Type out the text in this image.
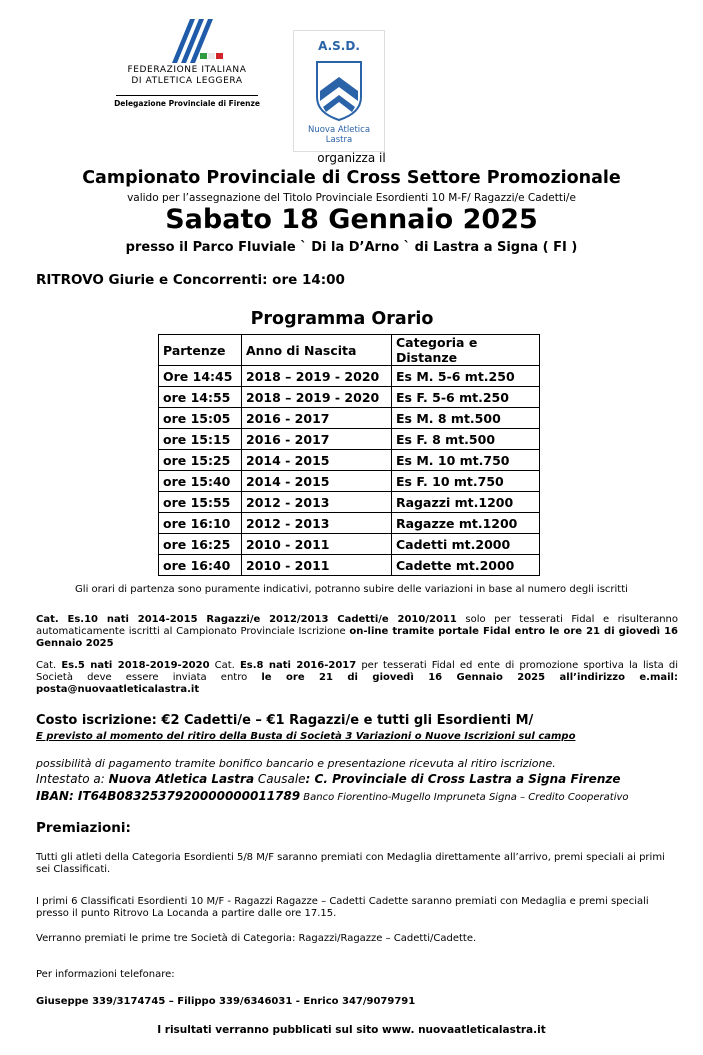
FEDERAZIONE ITALIANA
DI ATLETICA LEGGERA
Delegazione Provinciale di Firenze
A.S.D.
Nuova Atletica
Lastra
organizza il
Campionato Provinciale di Cross Settore Promozionale
valido per l’assegnazione del Titolo Provinciale Esordienti 10 M-F/ Ragazzi/e Cadetti/e
Sabato 18 Gennaio 2025
presso il Parco Fluviale ` Di la D’Arno ` di Lastra a Signa ( FI )
RITROVO Giurie e Concorrenti: ore 14:00
Programma Orario
Partenze	Anno di Nascita	Categoria e Distanze
Ore 14:45	2018 – 2019 - 2020	Es M. 5-6 mt.250
ore 14:55	2018 – 2019 - 2020	Es F. 5-6 mt.250
ore 15:05	2016 - 2017	Es M. 8 mt.500
ore 15:15	2016 - 2017	Es F. 8 mt.500
ore 15:25	2014 - 2015	Es M. 10 mt.750
ore 15:40	2014 - 2015	Es F. 10 mt.750
ore 15:55	2012 - 2013	Ragazzi mt.1200
ore 16:10	2012 - 2013	Ragazze mt.1200
ore 16:25	2010 - 2011	Cadetti mt.2000
ore 16:40	2010 - 2011	Cadette mt.2000
Gli orari di partenza sono puramente indicativi, potranno subire delle variazioni in base al numero degli iscritti
Cat. Es.10 nati 2014-2015 Ragazzi/e 2012/2013 Cadetti/e 2010/2011 solo per tesserati Fidal e risulteranno automaticamente iscritti al Campionato Provinciale Iscrizione on-line tramite portale Fidal entro le ore 21 di giovedì 16 Gennaio 2025
Cat. Es.5 nati 2018-2019-2020 Cat. Es.8 nati 2016-2017 per tesserati Fidal ed ente di promozione sportiva la lista di Società deve essere inviata entro le ore 21 di giovedì 16 Gennaio 2025 all’indirizzo e.mail: posta@nuovaatleticalastra.it
Costo iscrizione: €2 Cadetti/e – €1 Ragazzi/e e tutti gli Esordienti M/
E previsto al momento del ritiro della Busta di Società 3 Variazioni o Nuove Iscrizioni sul campo
possibilità di pagamento tramite bonifico bancario e presentazione ricevuta al ritiro iscrizione.
Intestato a: Nuova Atletica Lastra Causale: C. Provinciale di Cross Lastra a Signa Firenze
IBAN: IT64B0832537920000000011789 Banco Fiorentino-Mugello Impruneta Signa – Credito Cooperativo
Premiazioni:
Tutti gli atleti della Categoria Esordienti 5/8 M/F saranno premiati con Medaglia direttamente all’arrivo, premi speciali ai primi sei Classificati.
I primi 6 Classificati Esordienti 10 M/F - Ragazzi Ragazze – Cadetti Cadette saranno premiati con Medaglia e premi speciali presso il punto Ritrovo La Locanda a partire dalle ore 17.15.
Verranno premiati le prime tre Società di Categoria: Ragazzi/Ragazze – Cadetti/Cadette.
Per informazioni telefonare:
Giuseppe 339/3174745 – Filippo 339/6346031 - Enrico 347/9079791
I risultati verranno pubblicati sul sito www. nuovaatleticalastra.it
